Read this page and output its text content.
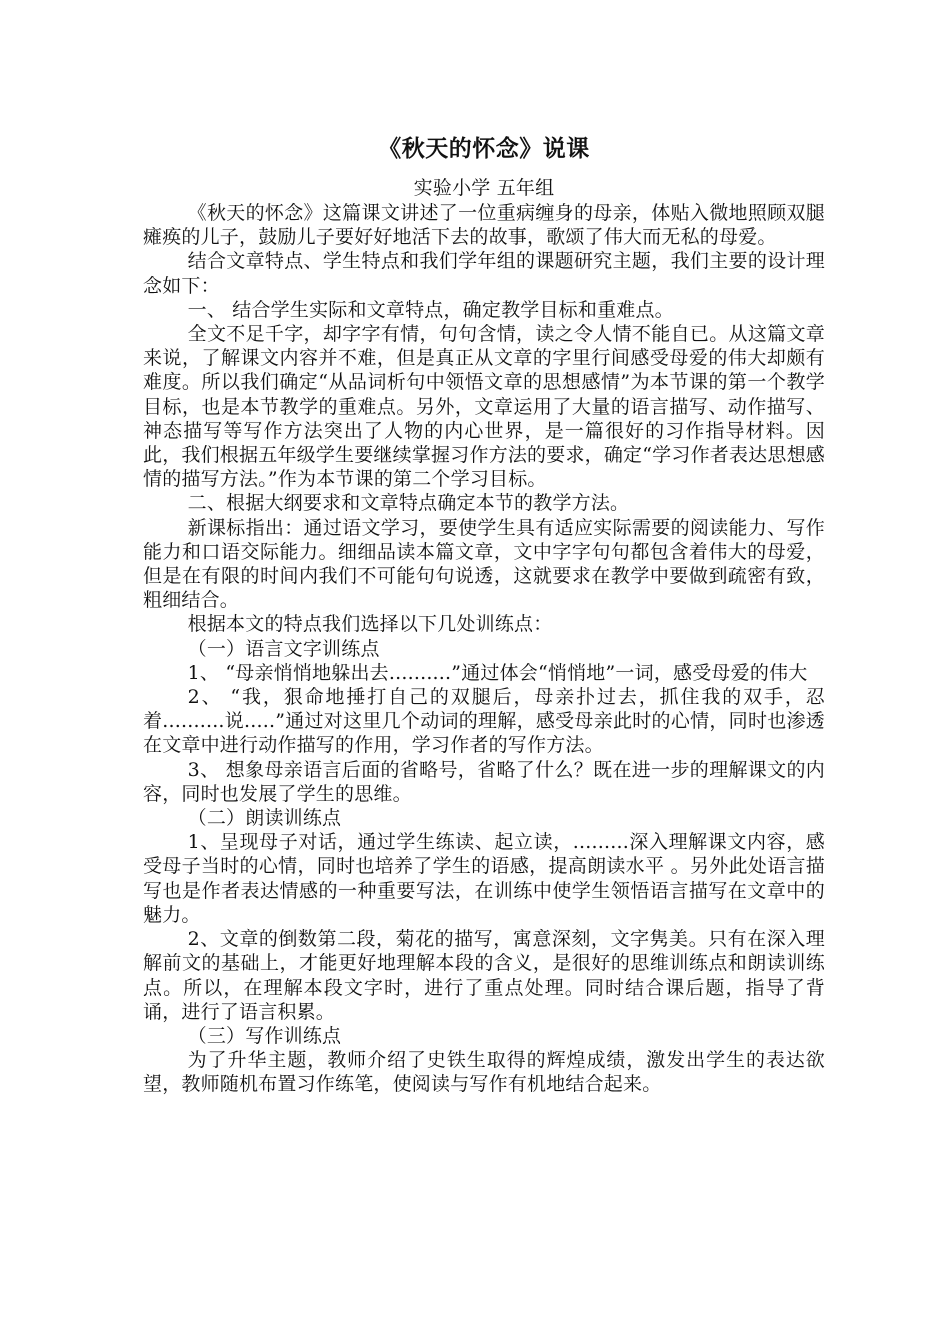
《秋天的怀念》说课

实验小学 五年组

《秋天的怀念》这篇课文讲述了一位重病缠身的母亲，体贴入微地照顾双腿瘫痪的儿子，鼓励儿子要好好地活下去的故事，歌颂了伟大而无私的母爱。

结合文章特点、学生特点和我们学年组的课题研究主题，我们主要的设计理念如下：

一、 结合学生实际和文章特点，确定教学目标和重难点。

全文不足千字，却字字有情，句句含情，读之令人情不能自已。从这篇文章来说，了解课文内容并不难，但是真正从文章的字里行间感受母爱的伟大却颇有难度。所以我们确定“从品词析句中领悟文章的思想感情”为本节课的第一个教学目标，也是本节教学的重难点。另外，文章运用了大量的语言描写、动作描写、神态描写等写作方法突出了人物的内心世界，是一篇很好的习作指导材料。因此，我们根据五年级学生要继续掌握习作方法的要求，确定“学习作者表达思想感情的描写方法。”作为本节课的第二个学习目标。

二、根据大纲要求和文章特点确定本节的教学方法。

新课标指出：通过语文学习，要使学生具有适应实际需要的阅读能力、写作能力和口语交际能力。细细品读本篇文章，文中字字句句都包含着伟大的母爱，但是在有限的时间内我们不可能句句说透，这就要求在教学中要做到疏密有致，粗细结合。

根据本文的特点我们选择以下几处训练点：

（一）语言文字训练点

1、 “母亲悄悄地躲出去..........”通过体会“悄悄地”一词，感受母爱的伟大

2、 “我，狠命地捶打自己的双腿后，母亲扑过去，抓住我的双手，忍着..........说.....”通过对这里几个动词的理解，感受母亲此时的心情，同时也渗透在文章中进行动作描写的作用，学习作者的写作方法。

3、 想象母亲语言后面的省略号，省略了什么？既在进一步的理解课文的内容，同时也发展了学生的思维。

（二）朗读训练点

1、呈现母子对话，通过学生练读、起立读，.........深入理解课文内容，感受母子当时的心情，同时也培养了学生的语感，提高朗读水平 。另外此处语言描写也是作者表达情感的一种重要写法，在训练中使学生领悟语言描写在文章中的魅力。

2、文章的倒数第二段，菊花的描写，寓意深刻，文字隽美。只有在深入理解前文的基础上，才能更好地理解本段的含义，是很好的思维训练点和朗读训练点。所以，在理解本段文字时，进行了重点处理。同时结合课后题，指导了背诵，进行了语言积累。

（三）写作训练点

为了升华主题，教师介绍了史铁生取得的辉煌成绩，激发出学生的表达欲望，教师随机布置习作练笔，使阅读与写作有机地结合起来。
